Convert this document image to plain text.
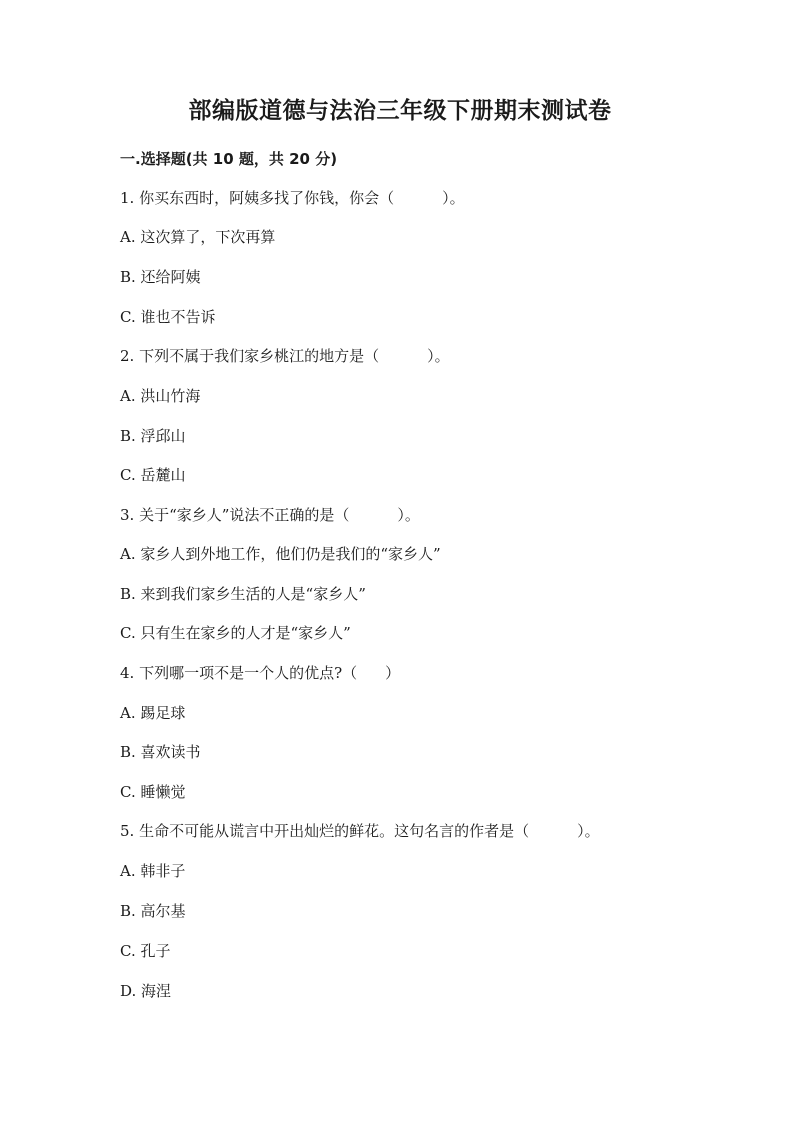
部编版道德与法治三年级下册期末测试卷
一.选择题(共 10 题，共 20 分)
1. 你买东西时，阿姨多找了你钱，你会（	）。
A. 这次算了，下次再算
B. 还给阿姨
C. 谁也不告诉
2. 下列不属于我们家乡桃江的地方是（	）。
A. 洪山竹海
B. 浮邱山
C. 岳麓山
3. 关于“家乡人”说法不正确的是（	）。
A. 家乡人到外地工作，他们仍是我们的“家乡人”
B. 来到我们家乡生活的人是“家乡人”
C. 只有生在家乡的人才是“家乡人”
4. 下列哪一项不是一个人的优点?（ ）
A. 踢足球
B. 喜欢读书
C. 睡懒觉
5. 生命不可能从谎言中开出灿烂的鲜花。这句名言的作者是（	）。
A. 韩非子
B. 高尔基
C. 孔子
D. 海涅
